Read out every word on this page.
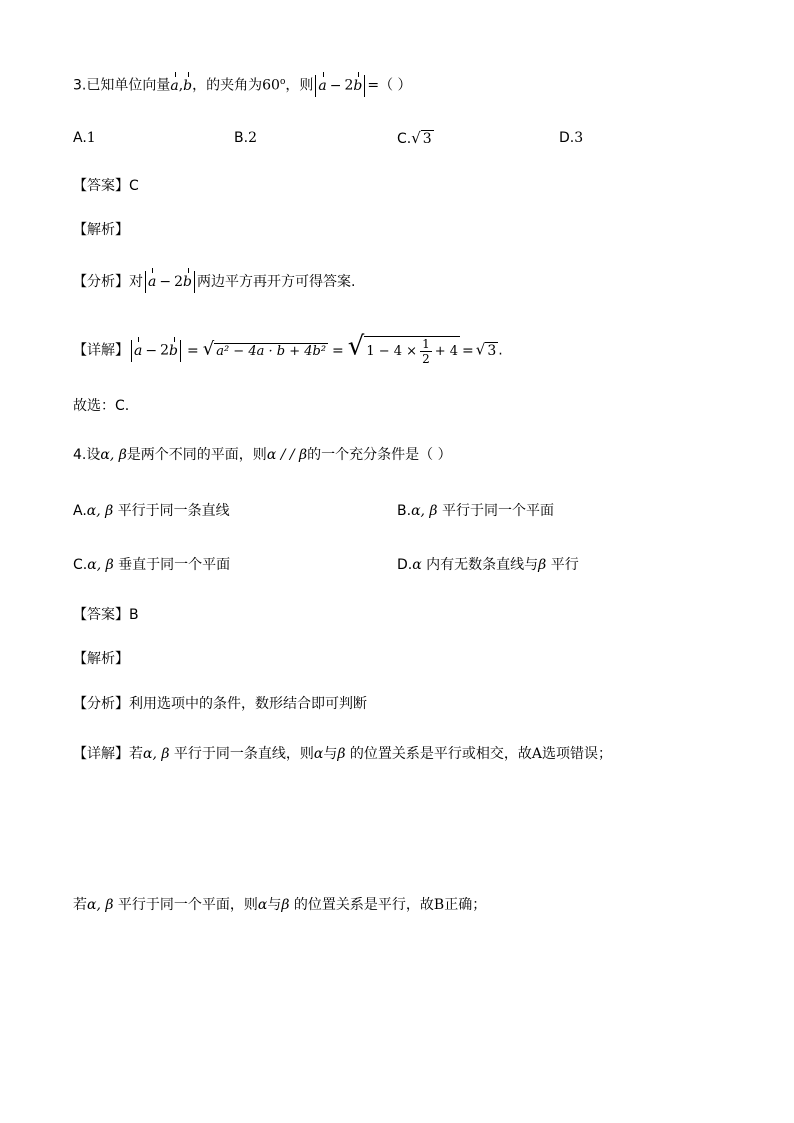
3.已知单位向量a,b，的夹角为60$^o$，则 a − 2b =（ ）
A.1	B.2	C.√ 3	D.3
【答案】C
【解析】
【分析】对 a − 2b 两边平方再开方可得答案.
【详解】 a − 2b = √ a² − 4a · b + 4b² = √ $1 - 4 \times \frac{1}{2} + 4$ = √ 3 .
故选：C.
4.设α, β是两个不同的平面，则α / / β的一个充分条件是（ ）
A.α, β 平行于同一条直线	B.α, β 平行于同一个平面
C.α, β 垂直于同一个平面	D.α 内有无数条直线与β 平行
【答案】B
【解析】
【分析】利用选项中的条件，数形结合即可判断
【详解】若α, β 平行于同一条直线，则α与β 的位置关系是平行或相交，故A选项错误；
若α, β 平行于同一个平面，则α与β 的位置关系是平行，故B正确；
